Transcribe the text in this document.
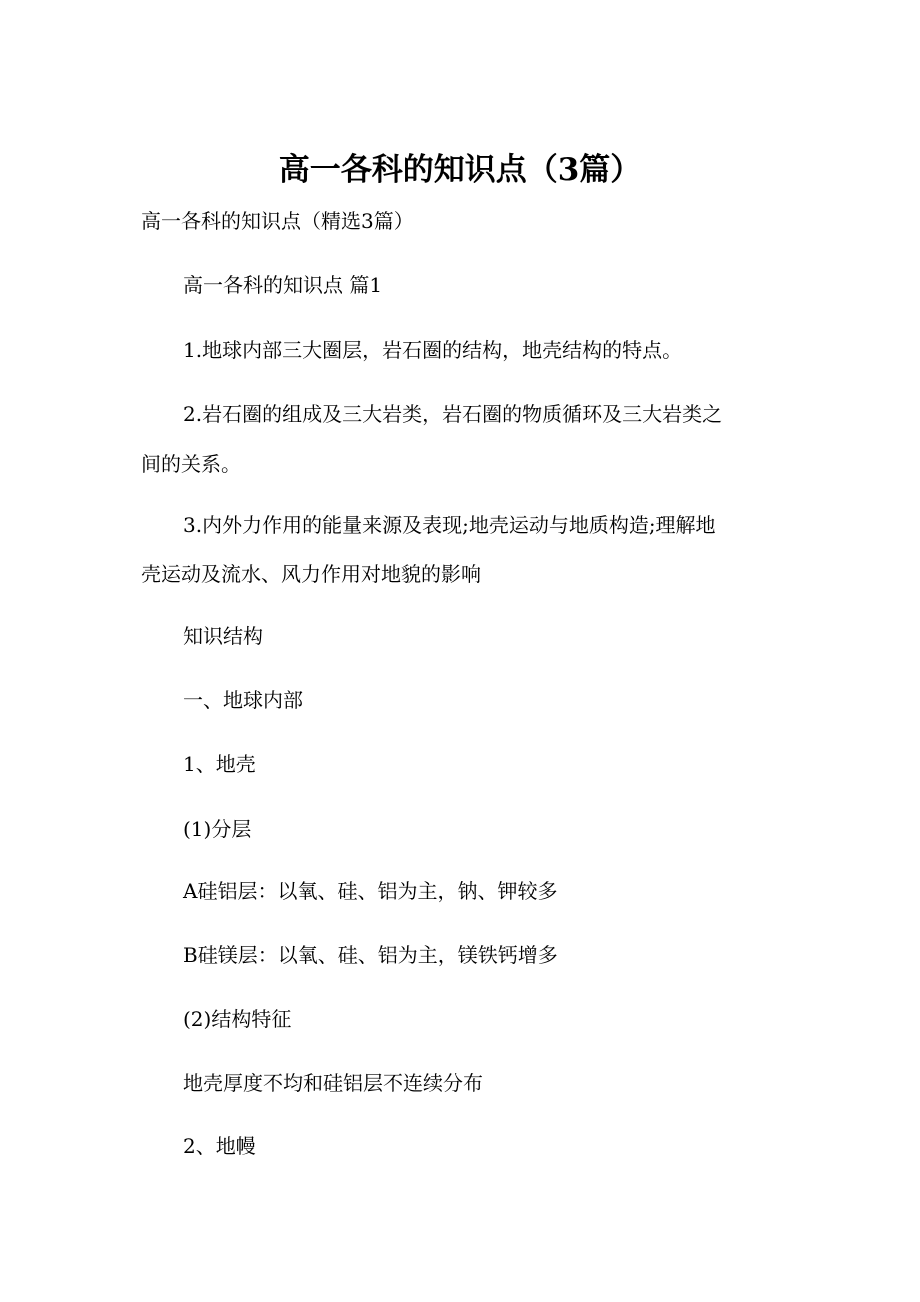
高一各科的知识点（3篇）
高一各科的知识点（精选3篇）
高一各科的知识点 篇1
1.地球内部三大圈层，岩石圈的结构，地壳结构的特点。
2.岩石圈的组成及三大岩类，岩石圈的物质循环及三大岩类之
间的关系。
3.内外力作用的能量来源及表现;地壳运动与地质构造;理解地
壳运动及流水、风力作用对地貌的影响
知识结构
一、地球内部
1、地壳
(1)分层
A硅铝层：以氧、硅、铝为主，钠、钾较多
B硅镁层：以氧、硅、铝为主，镁铁钙增多
(2)结构特征
地壳厚度不均和硅铝层不连续分布
2、地幔
